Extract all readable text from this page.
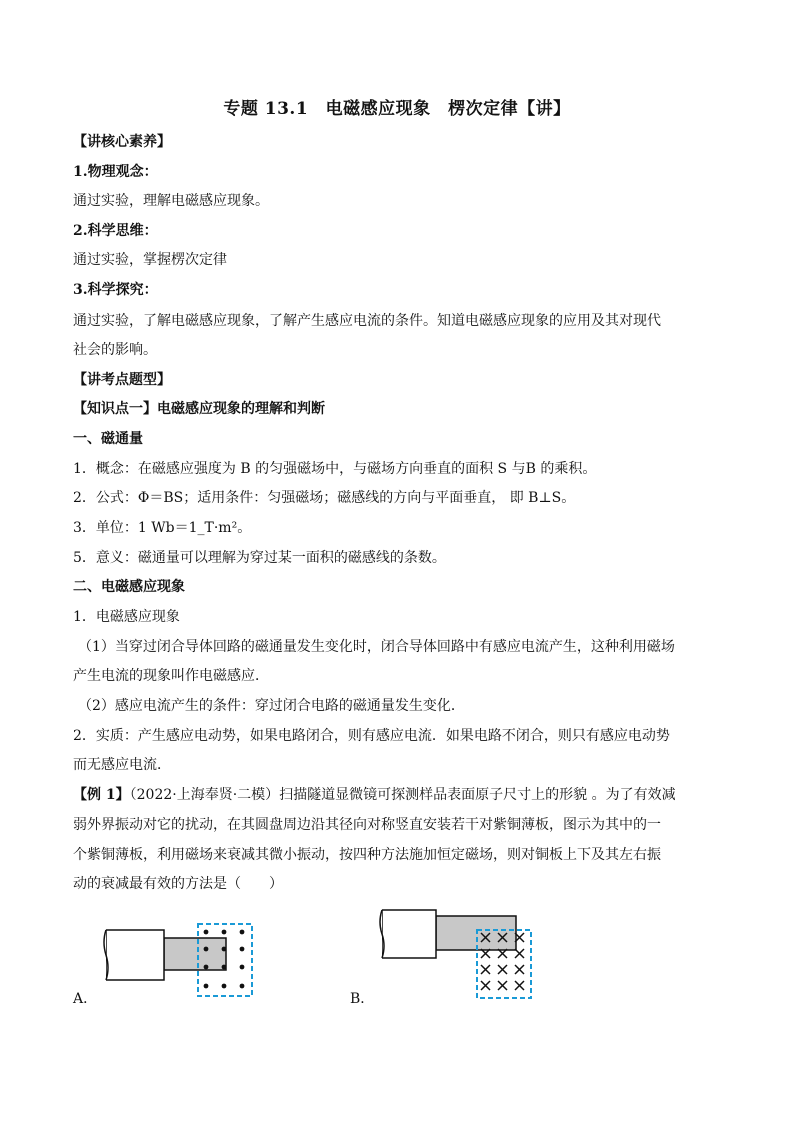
专题 13.1　电磁感应现象　楞次定律【讲】
【讲核心素养】
1.物理观念：
通过实验，理解电磁感应现象。
2.科学思维：
通过实验，掌握楞次定律
3.科学探究：
通过实验，了解电磁感应现象，了解产生感应电流的条件。知道电磁感应现象的应用及其对现代
社会的影响。
【讲考点题型】
【知识点一】电磁感应现象的理解和判断
一、磁通量
1．概念：在磁感应强度为 B 的匀强磁场中，与磁场方向垂直的面积 S 与B 的乘积。
2．公式：Φ＝BS；适用条件：匀强磁场；磁感线的方向与平面垂直， 即 B⊥S。
3．单位：1 Wb＝1_T·m²。
5．意义：磁通量可以理解为穿过某一面积的磁感线的条数。
二、电磁感应现象
1．电磁感应现象
（1）当穿过闭合导体回路的磁通量发生变化时，闭合导体回路中有感应电流产生，这种利用磁场
产生电流的现象叫作电磁感应．
（2）感应电流产生的条件：穿过闭合电路的磁通量发生变化．
2．实质：产生感应电动势，如果电路闭合，则有感应电流．如果电路不闭合，则只有感应电动势
而无感应电流．
【例 1】（2022·上海奉贤·二模）扫描隧道显微镜可探测样品表面原子尺寸上的形貌 。为了有效减
弱外界振动对它的扰动，在其圆盘周边沿其径向对称竖直安装若干对紫铜薄板，图示为其中的一
个紫铜薄板，利用磁场来衰减其微小振动，按四种方法施加恒定磁场，则对铜板上下及其左右振
动的衰减最有效的方法是（　　）
A．	B．
